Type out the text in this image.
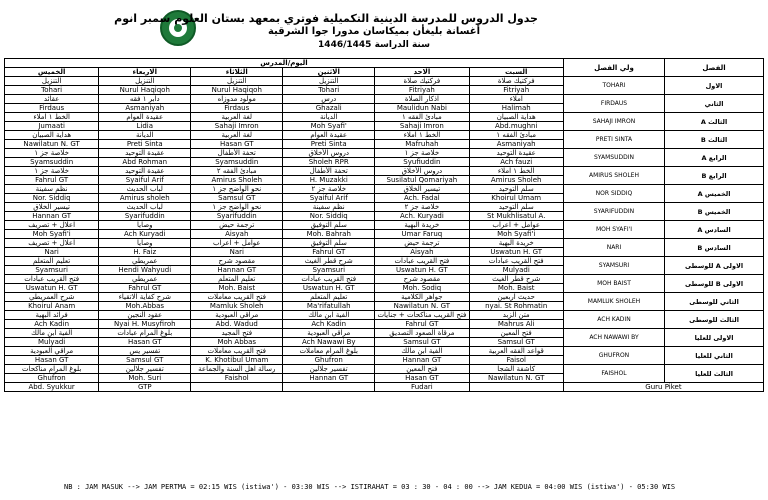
جدول الدروس للمدرسة الدينية التكميلية فوتري بمعهد بستان العلوم سمبر انوم
أغسانة بليغأن بميكاسان مدورا جوا الشرقية
سنة الدراسة 1446/1445
اليوم/المدرس						ولي الفصل	الفصل
الخميس	الاربعاء	الثلاثاء	الاثنين	الاحد	السبت		
التنزيل	التنزيل	التنزيل	التنزيل	فركتيك صلاة	فركتيك صلاة	TOHARI	الاول
Tohari	Nurul Haqiqoh	Nurul Haqiqoh	Tohari	Fitriyah	Fitriyah		
عقائد	دابر ١ فقه	مولود مدوزاه	درس	اذكار الصلاة	املاء	FIRDAUS	الثاني
Firdaus	Asmaniyah	Firdaus	Ghazali	Maulidun Nabi	Halimah		
الخط ١ املاء	عقيدة العوام	لغة العربية	الديانة	مبادئ الفقه ١	هداية الصبيان	SAHAJI IMRON	الثالث A
Jumaati	Lidia	Sahaji Imron	Moh Syafi'	Sahaji Imron	Abd.mughni		
هداية الصبيان	الديانة	لغة العربية	عقيدة العوام	الخط ١ املاء	مبادئ الفقه ١	PRETI SINTA	الثالث B
Nawilatun N. GT	Preti Sinta	Hasan GT	Preti Sinta	Mafruhah	Asmaniyah		
خلاصة جز ١	عقيدة التوحيد	تحفة الأطفال	دروس الأخلاق	خلاصة جز ١	عقيدة التوحيد	SYAMSUDDIN	الرابع A
Syamsuddin	Abd Rohman	Syamsuddin	Sholeh RPR	Syufiuddin	Ach fauzi		
خلاصة جز ١	عقيدة التوحيد	مبادئ الفقه ٢	تحفة الأطفال	دروس الأخلاق	الخط ١ املاء	AMIRUS SHOLEH	الرابع B
Fahrul GT	Syaiful Arif	Amirus Sholeh	H. Muzakki	Susilatul Qomariyah	Amirus Sholeh		
نظم سفينة	لباب الحديث	نحو الواضح جز ١	خلاصة جز ٢	تيسير الخلاق	سلم التوحيد	NOR SIDDIQ	الخميس A
Nor. Siddiq	Amirus sholeh	Samsul GT	Syaiful Arif	Ach. Fadal	Khoirul Umam		
تيسير الخلاق	لباب الحديث	نحو الواضح جز ١	نظم سفينة	خلاصة جز ٢	سلم التوحيد	SYARIFUDDIN	الخميس B
Hannan GT	Syarifuddin	Syarifuddin	Nor. Siddiq	Ach. Kuryadi	St Mukhlisatul A.		
اعلال + تصريف	وصايا	ترجمة حيض	سلم التوفيق	خريدة البهية	عوامل + اعراب	MOH SYAFI'I	السادس A
Moh Syafi'i	Ach Kuryadi	Aisyah	Moh. Bahrah	Umar Faruq	Moh Syafi'i		
اعلال + تصريف	وصايا	عوامل + اعراب	سلم التوفيق	ترجمة حيض	خريدة البهية	NARI	السادس B
Nari	H. Faiz	Nari	Fahrul GT	Aisyah	Uswatun H. GT		
تعليم المتعلم	عمريطي	مقصود شرح	شرح قطر الغيث	فتح القريب عبادات	فتح القريب عبادات	SYAMSURI	الاولى A للوسطى
Syamsuri	Hendi Wahyudi	Hannan GT	Syamsuri	Uswatun H. GT	Mulyadi		
فتح القريب عبادات	عمريطي	تعليم المتعلم	فتح القريب عبادات	مقصود شرح	شرح قطر الغيث	MOH BAIST	الاولى B للوسطى
Uswatun H. GT	Fahrul GT	Moh. Baist	Uswatun H. GT	Moh. Sodiq	Moh. Baist		
شرح العمريطي	شرح كفاية الاتقياء	فتح القريب معاملات	تعليم المتعلم	جواهر الكلامية	حديث اربعين	MAMLUK SHOLEH	الثاني للوسطى
Khoirul Anam	Moh.Abbas	Mamluk Sholeh	Ma'rifatullah	Nawilatun N. GT	nyai. St Rohmatin		
فرائد البهية	عقود النجين	مراقي العبودية	الفية ابن مالك	فتح القريب مناكحات + جنايات	متن الزبد	ACH KADIN	الثالث للوسطى
Ach Kadin	Nyai H. Musyfiroh	Abd. Wadud	Ach Kadin	Fahrul GT	Mahrus Ali		
الفية ابن مالك	بلوغ المرام عبادات	فتح المجيد	مراقي العبودية	مرقاة الصعود التصديق	فتح المعين	ACH NAWAWI BY	الاولى للعليا
Mulyadi	Hasan GT	Moh Abbas	Ach Nawawi By	Samsul GT	Samsul GT		
مراقي العبودية	تفسير يس	فتح القريب معاملات	بلوغ المرام معاملات	الفية ابن مالك	قواعد الفقه العربية	GHUFRON	الثاني للعليا
Hasan GT	Samsul GT	K. Khotibul Umam	Ghufron	Hannan GT	Faisol		
بلوغ المرام مناكحات	تفسير جلالين	رسالة اهل السنة والجماعة	تفسير جلالين	فتح المعين	كاشفة الشجا	FAISHOL	الثالث للعليا
Ghufron	Moh. Suri	Faishol	Hannan GT	Hasan GT	Nawilatun N. GT		
Abd. Syukkur	GTP			Fudari		Guru Piket	
NB : JAM MASUK --> JAM PERTMA = 02:15 WIS (istiwa') - 03:30 WIS --> ISTIRAHAT = 03 : 30 - 04 : 00 --> JAM KEDUA = 04:00 WIS (istiwa') - 05:30 WIS
